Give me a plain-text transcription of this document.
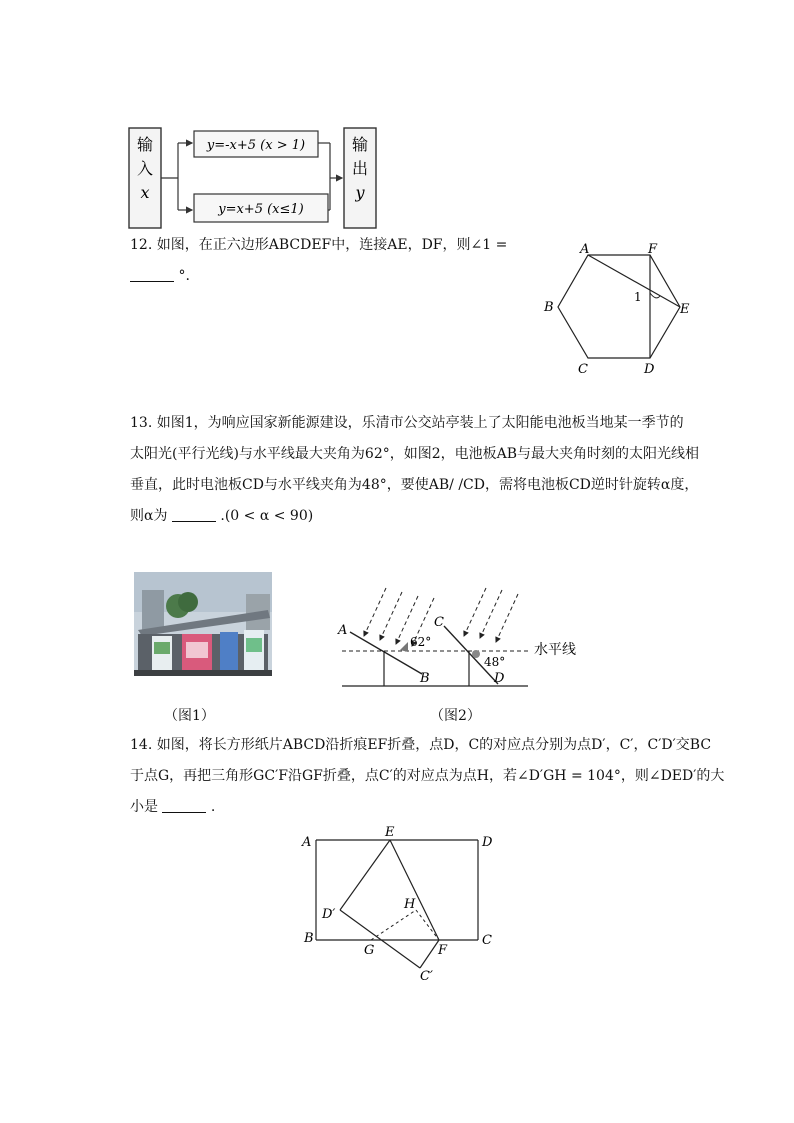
输
入
x
y=-x+5 (x > 1)
y=x+5 (x≤1)
输
出
y
12. 如图，在正六边形ABCDEF中，连接AE，DF，则∠1 =
°.
1
A	F
B	E
C	D
13. 如图1，为响应国家新能源建设，乐清市公交站亭装上了太阳能电池板当地某一季节的
太阳光(平行光线)与水平线最大夹角为62°，如图2，电池板AB与最大夹角时刻的太阳光线相
垂直，此时电池板CD与水平线夹角为48°，要使AB/ /CD，需将电池板CD逆时针旋转α度，
则α为	.(0 < α < 90)
水平线
62°
A
B
48°
C
D
（图1）	（图2）
14. 如图，将长方形纸片ABCD沿折痕EF折叠，点D，C的对应点分别为点D′，C′，C′D′交BC
于点G，再把三角形GC′F沿GF折叠，点C′的对应点为点H，若∠D′GH = 104°，则∠DED′的大
小是	.
A
E
D
D′
H
B
G	F
C
C′
